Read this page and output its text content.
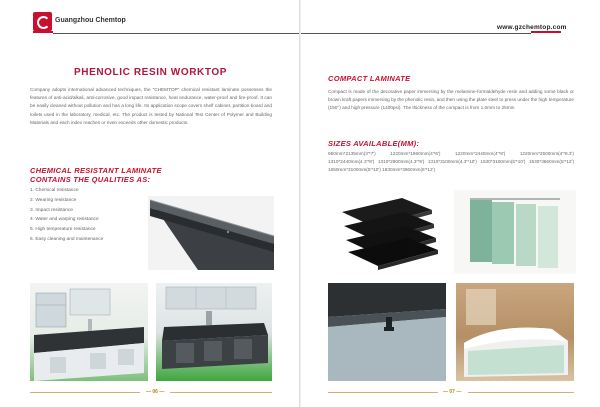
Guangzhou Chemtop
www.gzchemtop.com
PHENOLIC RESIN WORKTOP
Company adopts international advanced techniques, the "CHEMTOP" chemical resistant laminate possesses the features of anti-acid/alkali, anti-corrosive, good impact resistance, heat endurance, water-proof and fire-proof. It can be easily cleaned without pollution and has a long life. Its application scope covers shelf cabinet, partition board and toilets used in the laboratory, medical, etc. The product is tested by National Test Center of Polymer and Building Materials and each index reaches or even exceeds other domestic products.
CHEMICAL RESISTANT LAMINATE
CONTAINS THE QUALITIES AS:
1. Chemical resistance
2. Wearing resistance
3. Impact resistance
4. Water and warping resistance
5. High temperature resistance
6. Easy cleaning and maintenance
— 06 —
COMPACT LAMINATE
Compact is made of the decorative paper immersing by the melamine-formaldehyde resin and adding some black or brown kraft papers immersing by the phenolic resin, and then using the plate steel to press under the high temperature (150°) and high pressure (1400psi). The thickness of the compact is from 1.0mm to 25mm
SIZES AVAILABLE(MM):
950mm*2135mm(3'*7') 1220mm*1860mm(4'*6') 1220mm*2440mm(4'*8') 1220mm*2500mm(4'*8.3') 1310*2440mm(4.3'*8') 1310*2800mm(4.3'*9') 1310*3100mm(4.3'*10') 1530*3100mm(5'*10') 1530*3660mm(5'*12') 1650mm*3100mm(5'*10') 1830mm*3660mm(6'*12')
— 07 —
